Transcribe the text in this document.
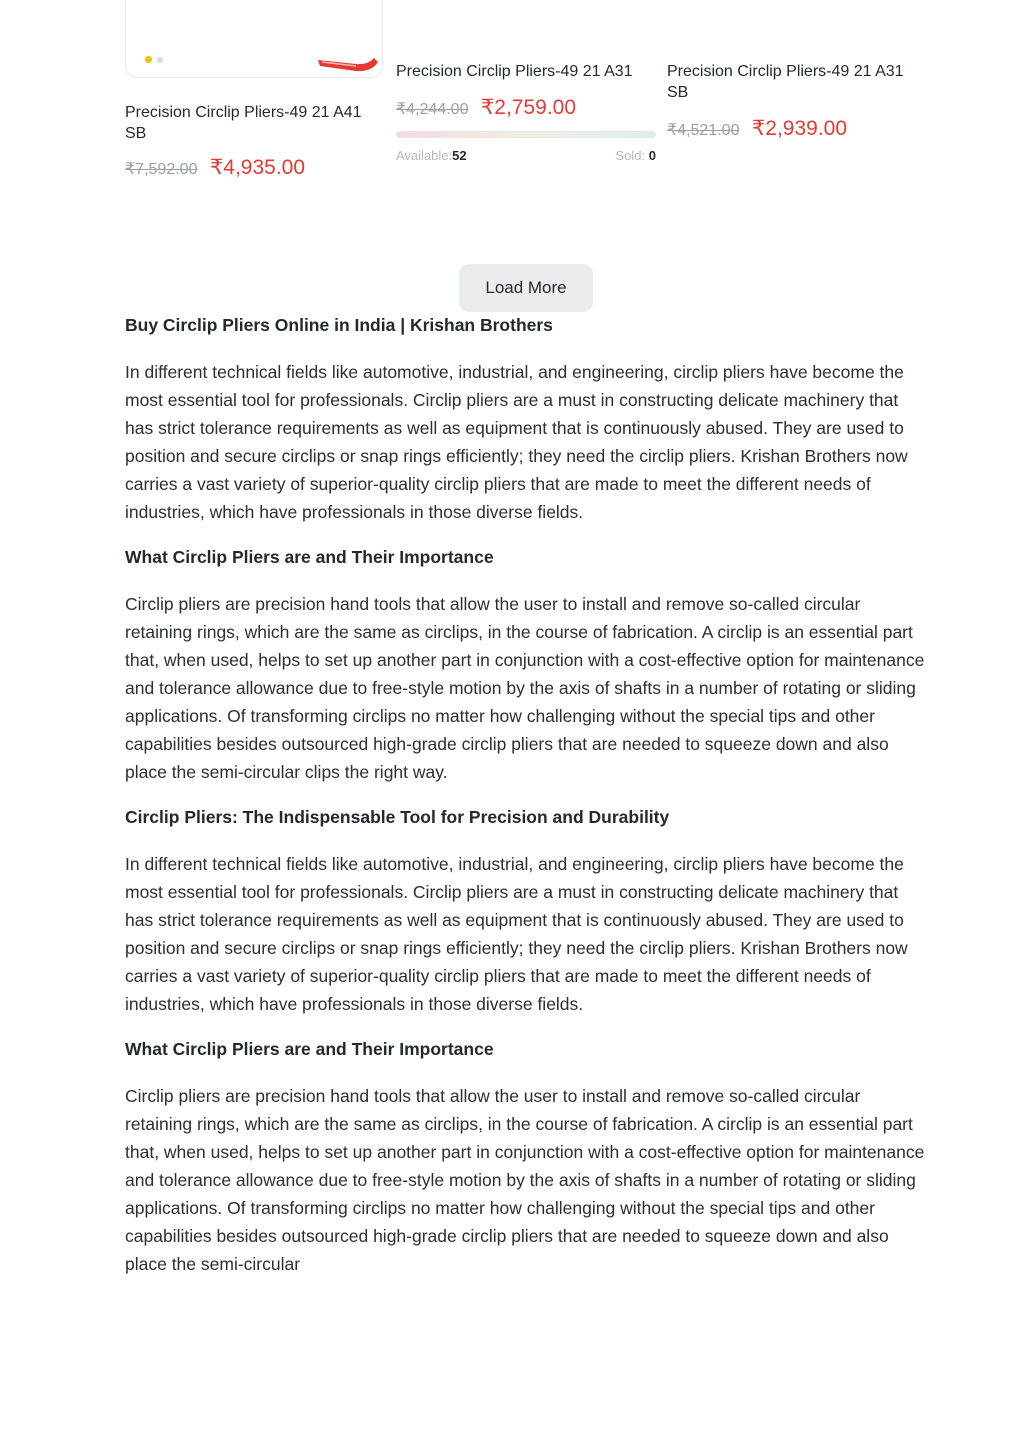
Precision Circlip Pliers-49 21 A41 SB
₹7,592.00 ₹4,935.00
Precision Circlip Pliers-49 21 A31
₹4,244.00 ₹2,759.00
Available:52	Sold: 0
Precision Circlip Pliers-49 21 A31 SB
₹4,521.00 ₹2,939.00
Load More
Buy Circlip Pliers Online in India | Krishan Brothers

In different technical fields like automotive, industrial, and engineering, circlip pliers have become the most essential tool for professionals. Circlip pliers are a must in constructing delicate machinery that has strict tolerance requirements as well as equipment that is continuously abused. They are used to position and secure circlips or snap rings efficiently; they need the circlip pliers. Krishan Brothers now carries a vast variety of superior-quality circlip pliers that are made to meet the different needs of industries, which have professionals in those diverse fields.

What Circlip Pliers are and Their Importance

Circlip pliers are precision hand tools that allow the user to install and remove so-called circular retaining rings, which are the same as circlips, in the course of fabrication. A circlip is an essential part that, when used, helps to set up another part in conjunction with a cost-effective option for maintenance and tolerance allowance due to free-style motion by the axis of shafts in a number of rotating or sliding applications. Of transforming circlips no matter how challenging without the special tips and other capabilities besides outsourced high-grade circlip pliers that are needed to squeeze down and also place the semi-circular clips the right way.

Circlip Pliers: The Indispensable Tool for Precision and Durability

In different technical fields like automotive, industrial, and engineering, circlip pliers have become the most essential tool for professionals. Circlip pliers are a must in constructing delicate machinery that has strict tolerance requirements as well as equipment that is continuously abused. They are used to position and secure circlips or snap rings efficiently; they need the circlip pliers. Krishan Brothers now carries a vast variety of superior-quality circlip pliers that are made to meet the different needs of industries, which have professionals in those diverse fields.

What Circlip Pliers are and Their Importance

Circlip pliers are precision hand tools that allow the user to install and remove so-called circular retaining rings, which are the same as circlips, in the course of fabrication. A circlip is an essential part that, when used, helps to set up another part in conjunction with a cost-effective option for maintenance and tolerance allowance due to free-style motion by the axis of shafts in a number of rotating or sliding applications. Of transforming circlips no matter how challenging without the special tips and other capabilities besides outsourced high-grade circlip pliers that are needed to squeeze down and also place the semi-circular
